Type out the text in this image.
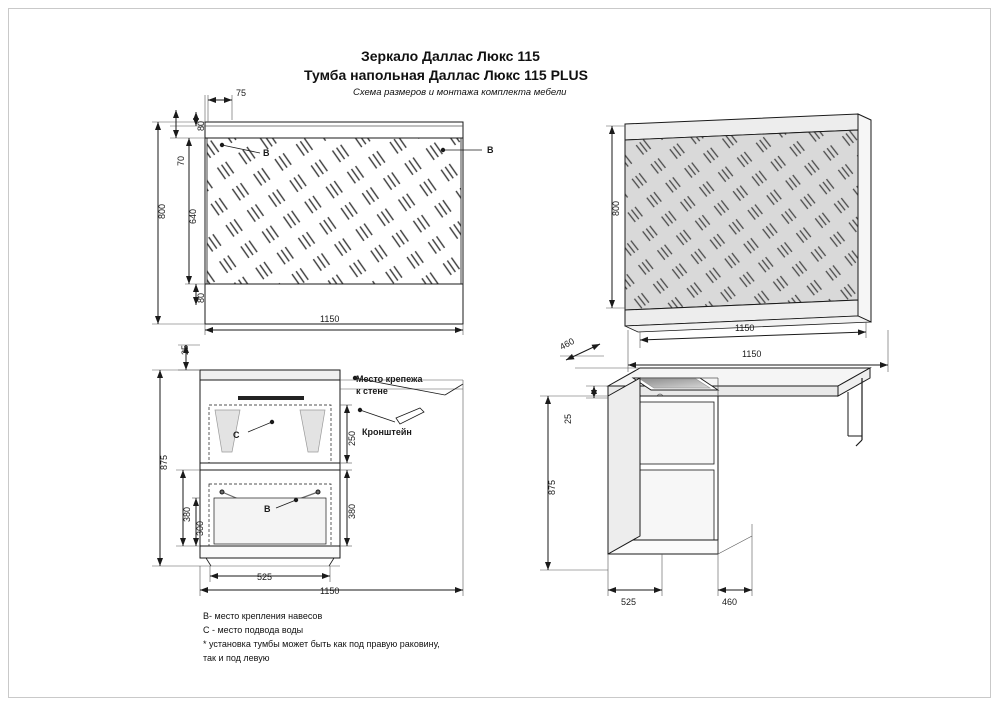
Зеркало Даллас Люкс 115
Тумба напольная Даллас Люкс 115 PLUS
Схема размеров и монтажа комплекта мебели
75
80
70
640
800
80
1150
B	B
800
1150
1150
25
875
250
380
380
300
525
1150
C
B
Место крепежа
к стене
Кронштейн
460
25
875
525	460
B- место крепления навесов
C - место подвода воды
* установка тумбы может быть как под правую раковину,
так и под левую
